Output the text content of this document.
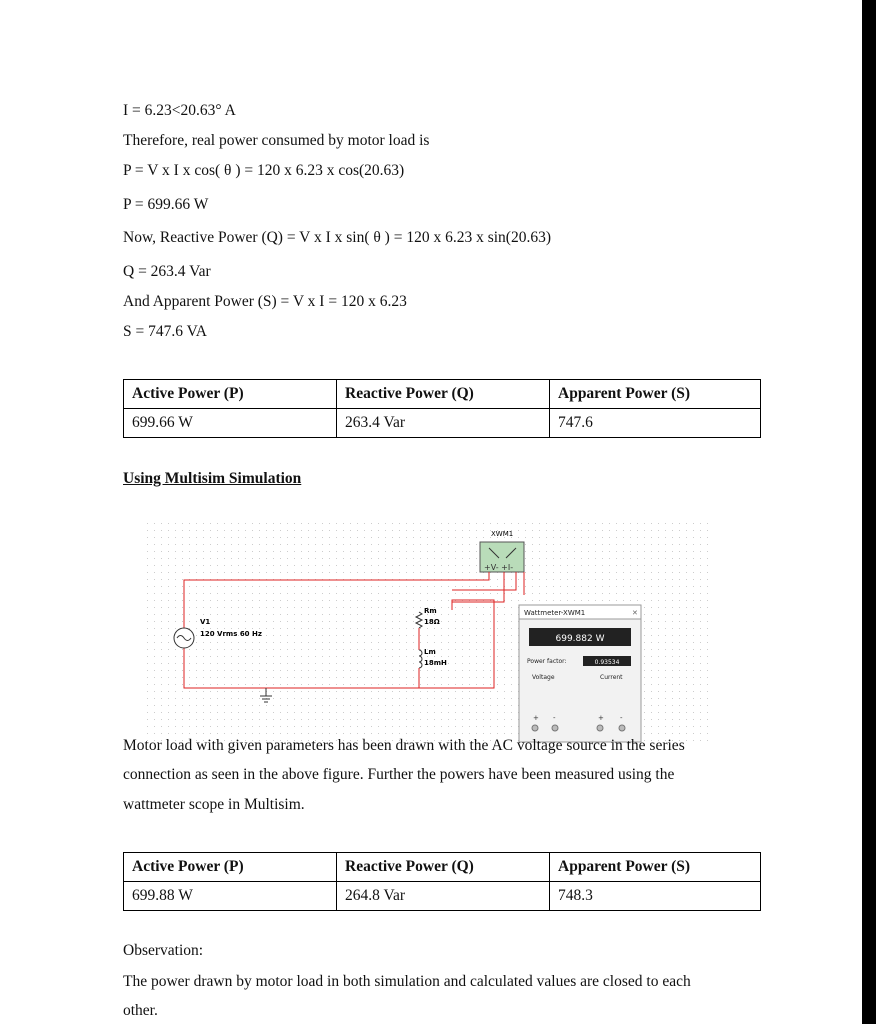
I = 6.23<20.63° A
Therefore, real power consumed by motor load is
P = V x I x cos( θ ) = 120 x 6.23 x cos(20.63)
P = 699.66 W
Now, Reactive Power (Q) = V x I x sin( θ ) = 120 x 6.23 x sin(20.63)
Q = 263.4 Var
And Apparent Power (S) = V x I = 120 x 6.23
S = 747.6 VA
Active Power (P)	Reactive Power (Q)	Apparent Power (S)
699.66 W	263.4 Var	747.6
Using Multisim Simulation
+V- +I-
XWM1
V1
120 Vrms 60 Hz
Rm
18Ω
Lm
18mH
✕
+ -	+ -
Wattmeter-XWM1
699.882 W
Power factor:	0.93534
Voltage	Current
Motor load with given parameters has been drawn with the AC voltage source in the series
connection as seen in the above figure. Further the powers have been measured using the
wattmeter scope in Multisim.
Active Power (P)	Reactive Power (Q)	Apparent Power (S)
699.88 W	264.8 Var	748.3
Observation:
The power drawn by motor load in both simulation and calculated values are closed to each
other.
